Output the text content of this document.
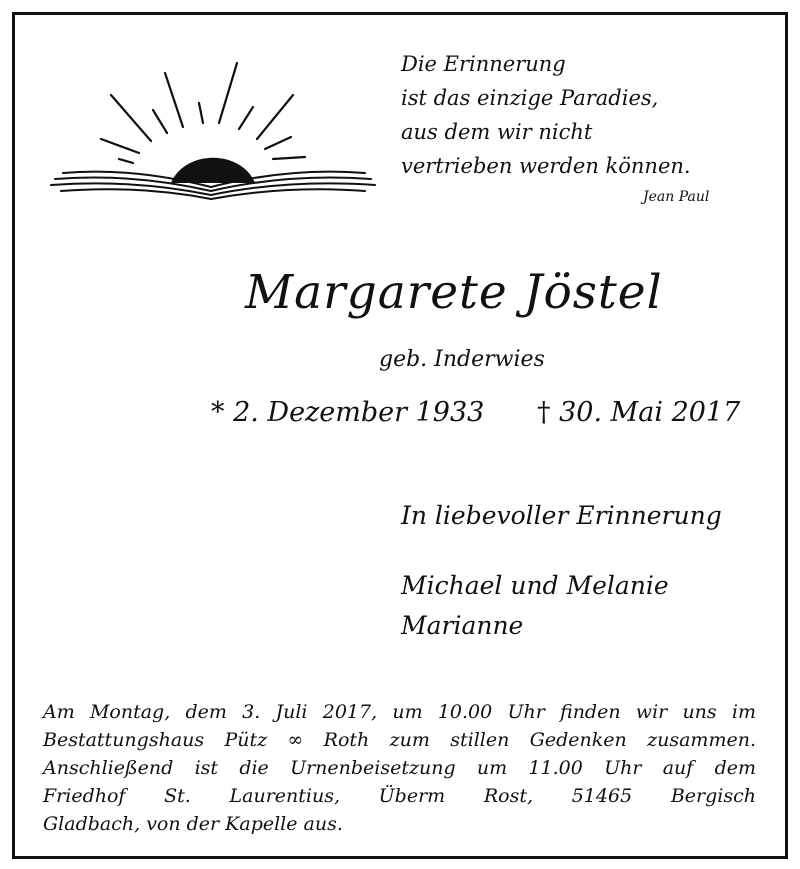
Die Erinnerung
ist das einzige Paradies,
aus dem wir nicht
vertrieben werden können.
Jean Paul
Margarete Jöstel
geb. Inderwies
* 2. Dezember 1933 † 30. Mai 2017
In liebevoller Erinnerung
Michael und Melanie
Marianne
Am Montag, dem 3. Juli 2017, um 10.00 Uhr finden wir uns im
Bestattungshaus Pütz ∞ Roth zum stillen Gedenken zusammen.
Anschließend ist die Urnenbeisetzung um 11.00 Uhr auf dem
Friedhof St. Laurentius, Überm Rost, 51465 Bergisch
Gladbach, von der Kapelle aus.
